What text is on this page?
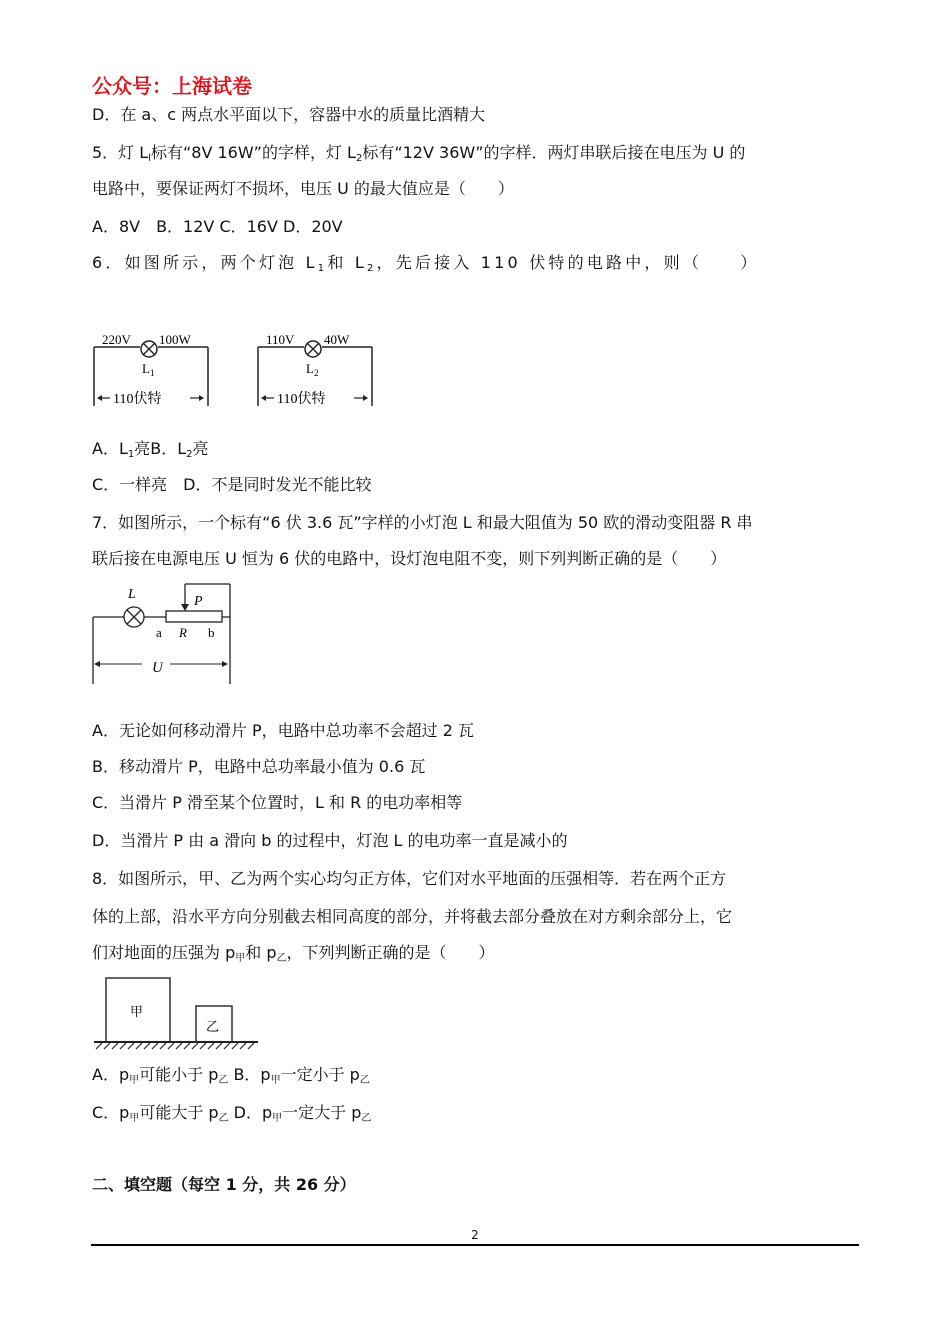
公众号：上海试卷
D．在 a、c 两点水平面以下，容器中水的质量比酒精大
5．灯 $L_l$标有“8V 16W”的字样，灯 $L_2$标有“12V 36W”的字样．两灯串联后接在电压为 U 的
电路中，要保证两灯不损坏，电压 U 的最大值应是（　　）
A．8V　B．12V C．16V D．20V
6．如图所示，两个灯泡 $L_1$和 $L_2$，先后接入 110 伏特的电路中，则（　　）
220V 100W
$L_1$
110伏特
110V 40W
$L_2$
110伏特
A．$L_1$亮B．$L_2$亮
C．一样亮　D．不是同时发光不能比较
7．如图所示，一个标有“6 伏 3.6 瓦”字样的小灯泡 L 和最大阻值为 50 欧的滑动变阻器 R 串
联后接在电源电压 U 恒为 6 伏的电路中，设灯泡电阻不变，则下列判断正确的是（　　）
L	P
a R b
U
A．无论如何移动滑片 P，电路中总功率不会超过 2 瓦
B．移动滑片 P，电路中总功率最小值为 0.6 瓦
C．当滑片 P 滑至某个位置时，L 和 R 的电功率相等
D．当滑片 P 由 a 滑向 b 的过程中，灯泡 L 的电功率一直是减小的
8．如图所示，甲、乙为两个实心均匀正方体，它们对水平地面的压强相等．若在两个正方
体的上部，沿水平方向分别截去相同高度的部分，并将截去部分叠放在对方剩余部分上，它
们对地面的压强为 $p_甲$和 $p_乙$，下列判断正确的是（　　）
甲
乙
A．$p_甲$可能小于 $p_乙$ B．$p_甲$一定小于 $p_乙$
C．$p_甲$可能大于 $p_乙$ D．$p_甲$一定大于 $p_乙$
二、填空题（每空 1 分，共 26 分）
2
